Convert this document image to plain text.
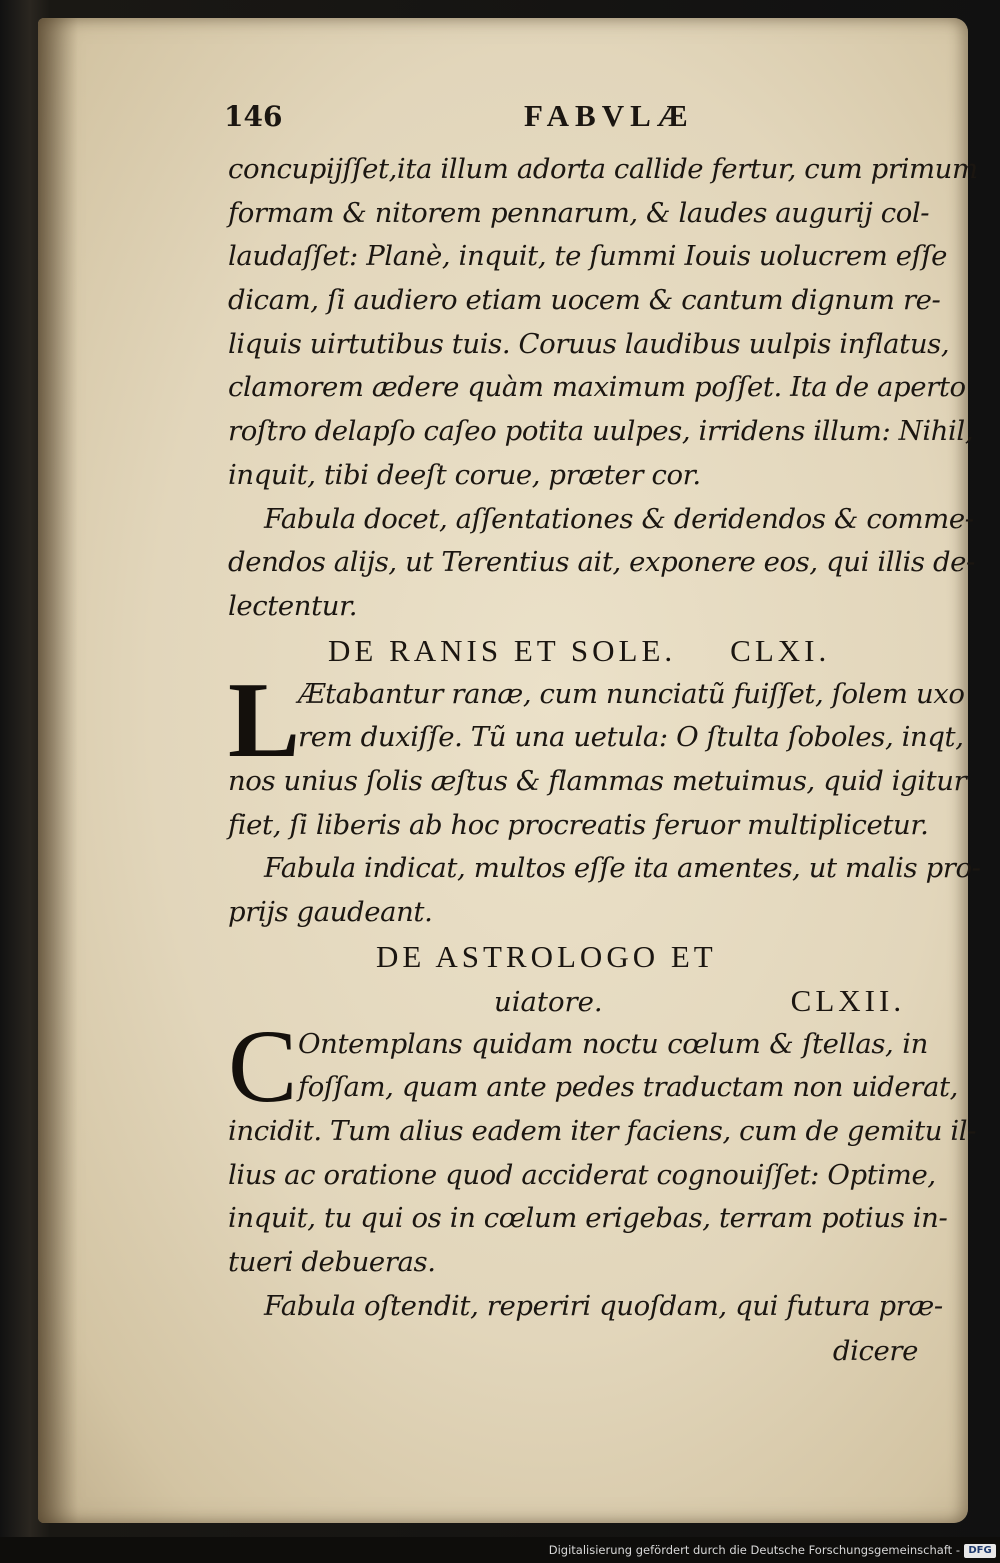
146	FABVLÆ
concupijſſet,ita illum adorta callide fertur, cum primum
formam & nitorem pennarum, & laudes augurij col-
laudaſſet: Planè, inquit, te ſummi Iouis uolucrem eſſe
dicam, ſi audiero etiam uocem & cantum dignum re-
liquis uirtutibus tuis. Coruus laudibus uulpis inflatus,
clamorem ædere quàm maximum poſſet. Ita de aperto
roſtro delapſo caſeo potita uulpes, irridens illum: Nihil,
inquit, tibi deeſt corue, præter cor.
Fabula docet, aſſentationes & deridendos & comme-
dendos alijs, ut Terentius ait, exponere eos, qui illis de-
lectentur.
DE RANIS ET SOLE. CLXI.
L
Ætabantur ranæ, cum nunciatũ fuiſſet, ſolem uxo
rem duxiſſe. Tũ una uetula: O ſtulta ſoboles, inqt,
nos unius ſolis æſtus & flammas metuimus, quid igitur
fiet, ſi liberis ab hoc procreatis feruor multiplicetur.
Fabula indicat, multos eſſe ita amentes, ut malis pro-
prijs gaudeant.
DE ASTROLOGO ET
uiatore.	CLXII.
C Ontemplans quidam noctu cœlum & ſtellas, in
foſſam, quam ante pedes traductam non uiderat,
incidit. Tum alius eadem iter faciens, cum de gemitu il-
lius ac oratione quod acciderat cognouiſſet: Optime,
inquit, tu qui os in cœlum erigebas, terram potius in-
tueri debueras.
Fabula oſtendit, reperiri quoſdam, qui futura præ-
dicere
Digitalisierung gefördert durch die Deutsche Forschungsgemeinschaft - DFG
